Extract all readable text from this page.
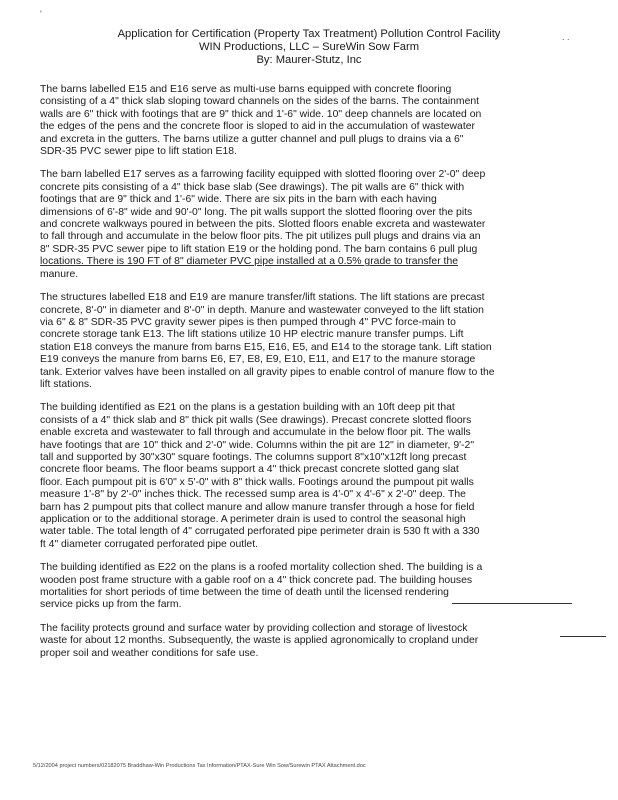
'
. .
Application for Certification (Property Tax Treatment) Pollution Control Facility
WIN Productions, LLC – SureWin Sow Farm
By: Maurer-Stutz, Inc
The barns labelled E15 and E16 serve as multi-use barns equipped with concrete flooring
consisting of a 4" thick slab sloping toward channels on the sides of the barns. The containment
walls are 6" thick with footings that are 9" thick and 1'-6" wide. 10" deep channels are located on
the edges of the pens and the concrete floor is sloped to aid in the accumulation of wastewater
and excreta in the gutters. The barns utilize a gutter channel and pull plugs to drains via a 6"
SDR-35 PVC sewer pipe to lift station E18.
The barn labelled E17 serves as a farrowing facility equipped with slotted flooring over 2'-0" deep
concrete pits consisting of a 4" thick base slab (See drawings). The pit walls are 6" thick with
footings that are 9" thick and 1'-6" wide. There are six pits in the barn with each having
dimensions of 6'-8" wide and 90'-0" long. The pit walls support the slotted flooring over the pits
and concrete walkways poured in between the pits. Slotted floors enable excreta and wastewater
to fall through and accumulate in the below floor pits. The pit utilizes pull plugs and drains via an
8" SDR-35 PVC sewer pipe to lift station E19 or the holding pond. The barn contains 6 pull plug
locations. There is 190 FT of 8" diameter PVC pipe installed at a 0.5% grade to transfer the
manure.
The structures labelled E18 and E19 are manure transfer/lift stations. The lift stations are precast
concrete, 8'-0" in diameter and 8'-0" in depth. Manure and wastewater conveyed to the lift station
via 6" & 8" SDR-35 PVC gravity sewer pipes is then pumped through 4" PVC force-main to
concrete storage tank E13. The lift stations utilize 10 HP electric manure transfer pumps. Lift
station E18 conveys the manure from barns E15, E16, E5, and E14 to the storage tank. Lift station
E19 conveys the manure from barns E6, E7, E8, E9, E10, E11, and E17 to the manure storage
tank. Exterior valves have been installed on all gravity pipes to enable control of manure flow to the
lift stations.
The building identified as E21 on the plans is a gestation building with an 10ft deep pit that
consists of a 4" thick slab and 8" thick pit walls (See drawings). Precast concrete slotted floors
enable excreta and wastewater to fall through and accumulate in the below floor pit. The walls
have footings that are 10" thick and 2'-0" wide. Columns within the pit are 12" in diameter, 9'-2"
tall and supported by 30"x30" square footings. The columns support 8"x10"x12ft long precast
concrete floor beams. The floor beams support a 4" thick precast concrete slotted gang slat
floor. Each pumpout pit is 6'0" x 5'-0" with 8" thick walls. Footings around the pumpout pit walls
measure 1'-8" by 2'-0" inches thick. The recessed sump area is 4'-0" x 4'-6" x 2'-0" deep. The
barn has 2 pumpout pits that collect manure and allow manure transfer through a hose for field
application or to the additional storage. A perimeter drain is used to control the seasonal high
water table. The total length of 4" corrugated perforated pipe perimeter drain is 530 ft with a 330
ft 4" diameter corrugated perforated pipe outlet.
The building identified as E22 on the plans is a roofed mortality collection shed. The building is a
wooden post frame structure with a gable roof on a 4" thick concrete pad. The building houses
mortalities for short periods of time between the time of death until the licensed rendering
service picks up from the farm.
The facility protects ground and surface water by providing collection and storage of livestock
waste for about 12 months. Subsequently, the waste is applied agronomically to cropland under
proper soil and weather conditions for safe use.
5/12/2004 project numbers/02182075 Braddhaw-Win Productions Tax Information/PTAX-Sure Win Sow/Surewin PTAX Attachment.doc
